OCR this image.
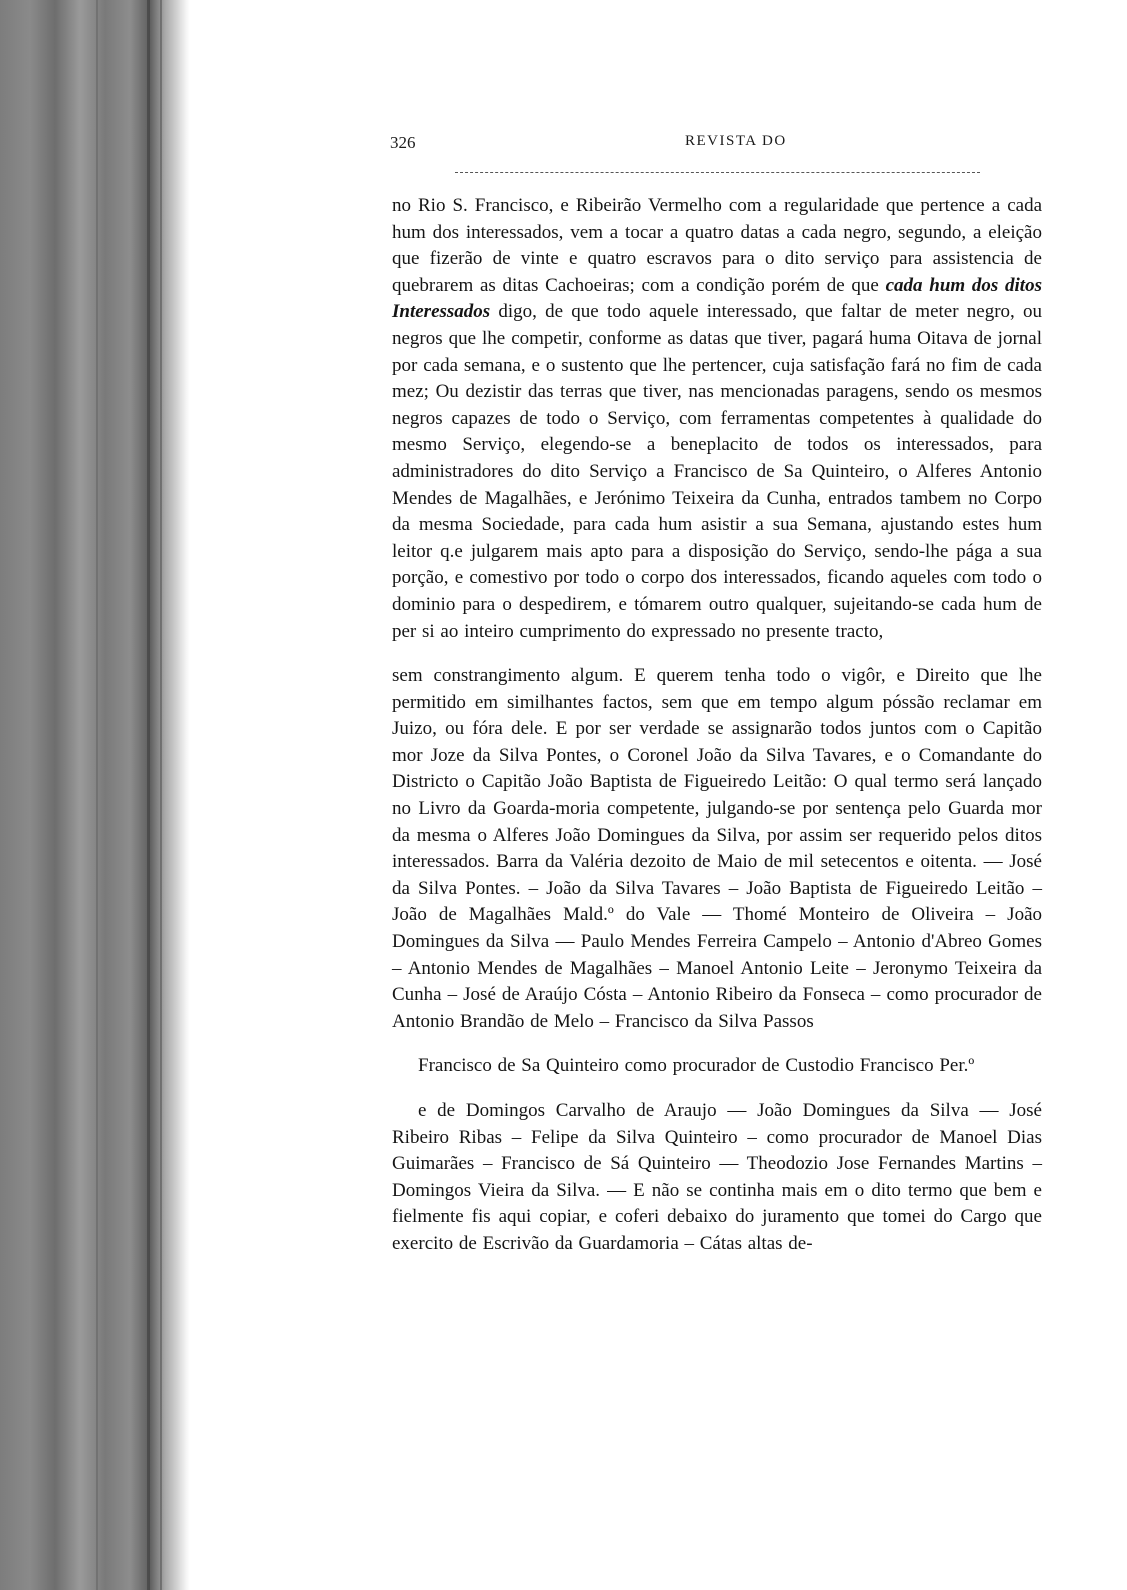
326	REVISTA DO

no Rio S. Francisco, e Ribeirão Vermelho com a regularidade que pertence a cada hum dos interessados, vem a tocar a quatro datas a cada negro, segundo, a eleição que fizerão de vinte e quatro escravos para o dito serviço para assistencia de quebrarem as ditas Cachoeiras; com a condição porém de que cada hum dos ditos Interessados digo, de que todo aquele interessado, que faltar de meter negro, ou negros que lhe competir, conforme as datas que tiver, pagará huma Oitava de jornal por cada semana, e o sustento que lhe pertencer, cuja satisfação fará no fim de cada mez; Ou dezistir das terras que tiver, nas mencionadas paragens, sendo os mesmos negros capazes de todo o Serviço, com ferramentas competentes à qualidade do mesmo Serviço, elegendo-se a beneplacito de todos os interessados, para administradores do dito Serviço a Francisco de Sa Quinteiro, o Alferes Antonio Mendes de Magalhães, e Jerónimo Teixeira da Cunha, entrados tambem no Corpo da mesma Sociedade, para cada hum asistir a sua Semana, ajustando estes hum leitor q.e julgarem mais apto para a disposição do Serviço, sendo-lhe pága a sua porção, e comestivo por todo o corpo dos interessados, ficando aqueles com todo o dominio para o despedirem, e tómarem outro qualquer, sujeitando-se cada hum de per si ao inteiro cumprimento do expressado no presente tracto,

sem constrangimento algum. E querem tenha todo o vigôr, e Direito que lhe permitido em similhantes factos, sem que em tempo algum póssão reclamar em Juizo, ou fóra dele. E por ser verdade se assignarão todos juntos com o Capitão mor Joze da Silva Pontes, o Coronel João da Silva Tavares, e o Comandante do Districto o Capitão João Baptista de Figueiredo Leitão: O qual termo será lançado no Livro da Goarda-moria competente, julgando-se por sentença pelo Guarda mor da mesma o Alferes João Domingues da Silva, por assim ser requerido pelos ditos interessados. Barra da Valéria dezoito de Maio de mil setecentos e oitenta. — José da Silva Pontes. – João da Silva Tavares – João Baptista de Figueiredo Leitão – João de Magalhães Mald.º do Vale — Thomé Monteiro de Oliveira – João Domingues da Silva — Paulo Mendes Ferreira Campelo – Antonio d'Abreo Gomes – Antonio Mendes de Magalhães – Manoel Antonio Leite – Jeronymo Teixeira da Cunha – José de Araújo Cósta – Antonio Ribeiro da Fonseca – como procurador de Antonio Brandão de Melo – Francisco da Silva Passos

Francisco de Sa Quinteiro como procurador de Custodio Francisco Per.º

e de Domingos Carvalho de Araujo — João Domingues da Silva — José Ribeiro Ribas – Felipe da Silva Quinteiro – como procurador de Manoel Dias Guimarães – Francisco de Sá Quinteiro — Theodozio Jose Fernandes Martins – Domingos Vieira da Silva. — E não se continha mais em o dito termo que bem e fielmente fis aqui copiar, e coferi debaixo do juramento que tomei do Cargo que exercito de Escrivão da Guardamoria – Cátas altas de-
